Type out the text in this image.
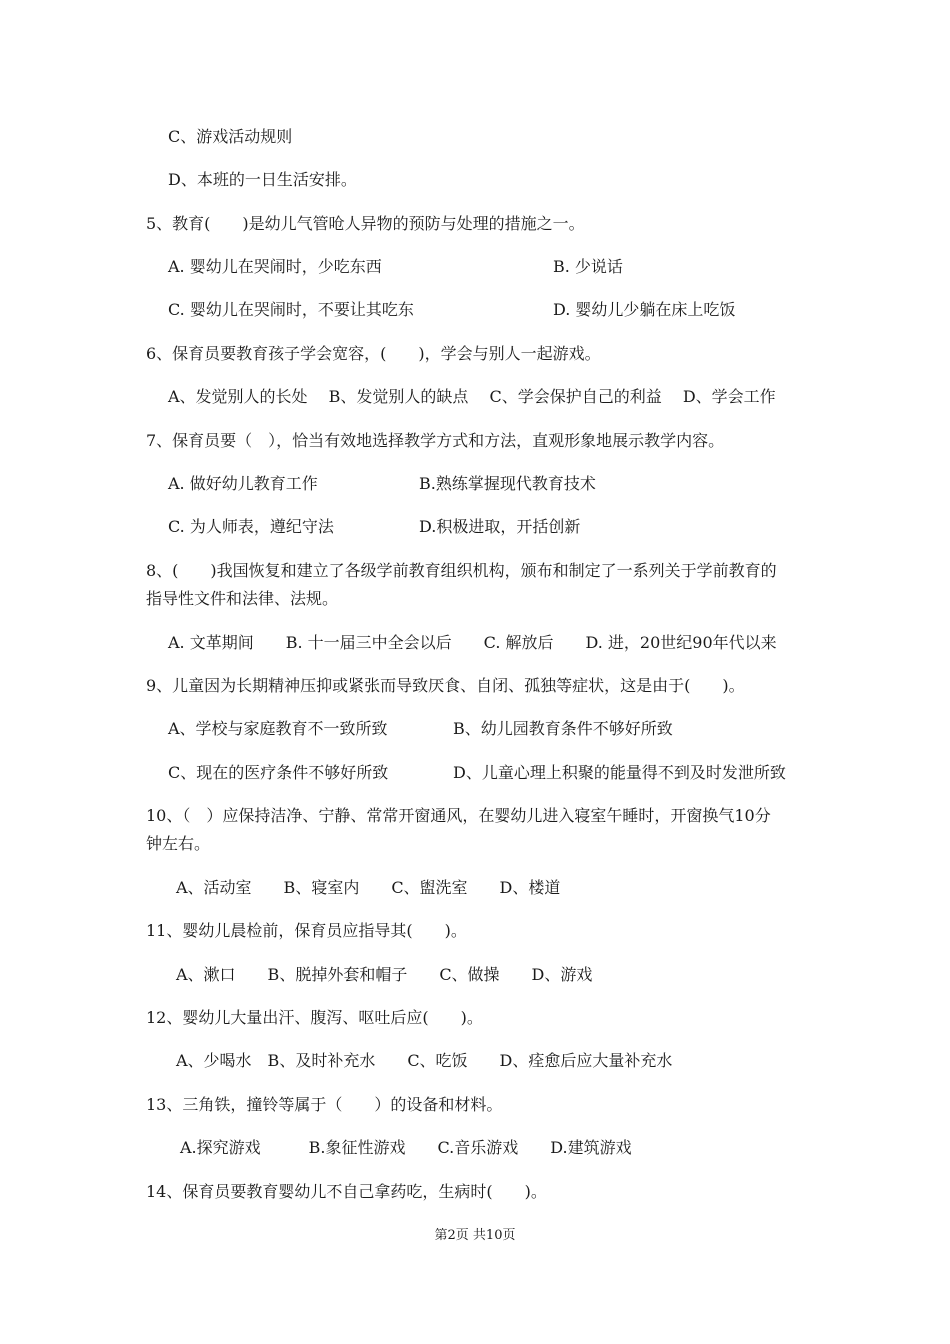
C、游戏活动规则
D、本班的一日生活安排。
5、教育(　　)是幼儿气管呛人异物的预防与处理的措施之一。
A. 婴幼儿在哭闹时，少吃东西	B. 少说话
C. 婴幼儿在哭闹时，不要让其吃东	D. 婴幼儿少躺在床上吃饭
6、保育员要教育孩子学会宽容，(　　)，学会与别人一起游戏。
A、发觉别人的长处　 B、发觉别人的缺点　 C、学会保护自己的利益　 D、学会工作
7、保育员要（　），恰当有效地选择教学方式和方法，直观形象地展示教学内容。
A. 做好幼儿教育工作	B.熟练掌握现代教育技术
C. 为人师表，遵纪守法	D.积极进取，开括创新
8、(　　)我国恢复和建立了各级学前教育组织机构，颁布和制定了一系列关于学前教育的
指导性文件和法律、法规。
A. 文革期间　　B. 十一届三中全会以后　　C. 解放后　　D. 进，20世纪90年代以来
9、儿童因为长期精神压抑或紧张而导致厌食、自闭、孤独等症状，这是由于(　　)。
A、学校与家庭教育不一致所致	B、幼儿园教育条件不够好所致
C、现在的医疗条件不够好所致	D、儿童心理上积聚的能量得不到及时发泄所致
10、（　）应保持洁净、宁静、常常开窗通风，在婴幼儿进入寝室午睡时，开窗换气10分
钟左右。
A、活动室　　B、寝室内　　C、盥洗室　　D、楼道
11、婴幼儿晨检前，保育员应指导其(　　)。
A、漱口　　B、脱掉外套和帽子　　C、做操　　D、游戏
12、婴幼儿大量出汗、腹泻、呕吐后应(　　)。
A、少喝水　B、及时补充水　　C、吃饭　　D、痊愈后应大量补充水
13、三角铁，撞铃等属于（　　）的设备和材料。
A.探究游戏　　　B.象征性游戏　　C.音乐游戏　　D.建筑游戏
14、保育员要教育婴幼儿不自己拿药吃，生病时(　　)。
第2页 共10页
